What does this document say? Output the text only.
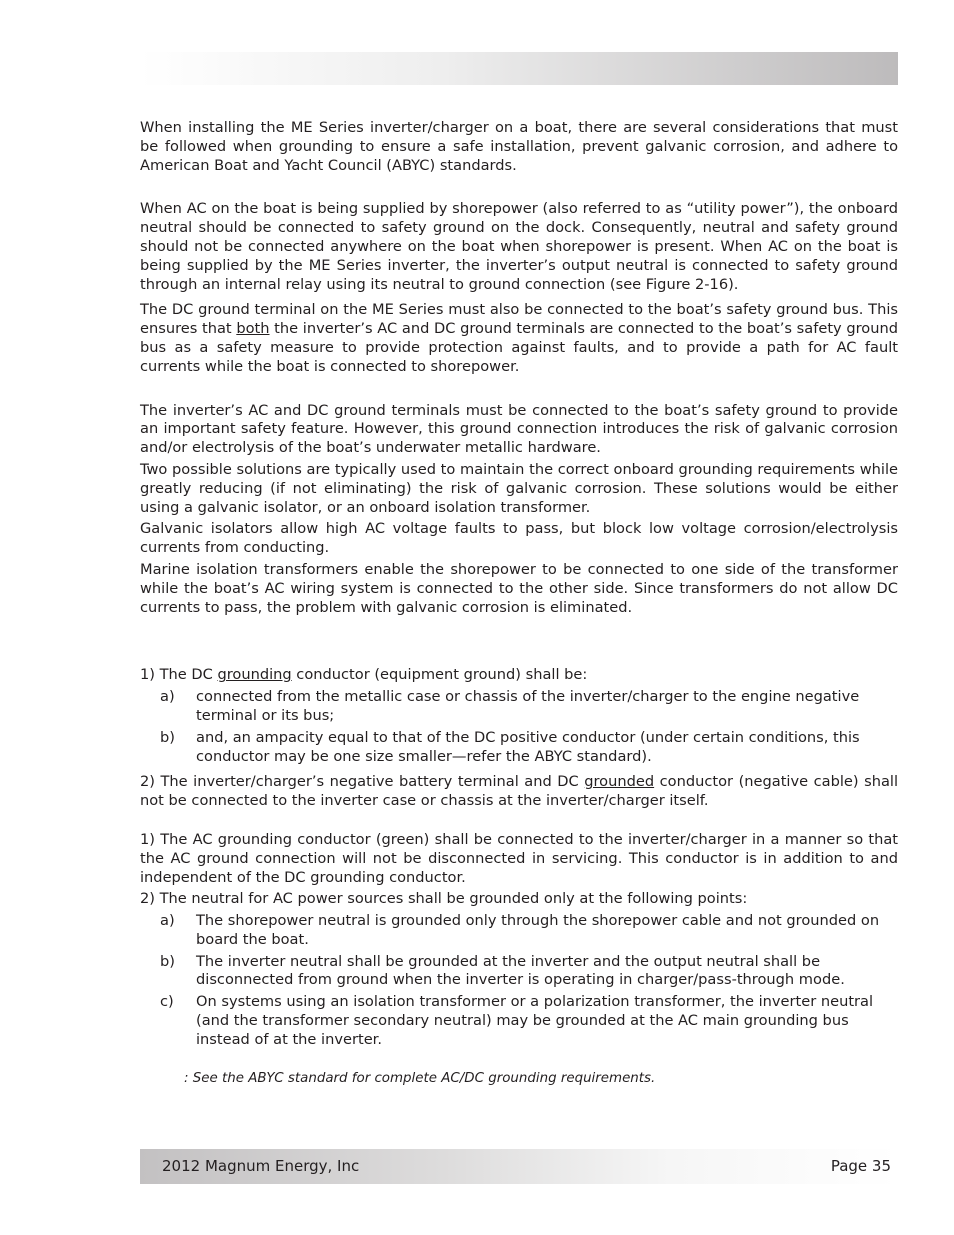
When installing the ME Series inverter/charger on a boat, there are several considerations that must be followed when grounding to ensure a safe installation, prevent galvanic corrosion, and adhere to American Boat and Yacht Council (ABYC) standards.

When AC on the boat is being supplied by shorepower (also referred to as “utility power”), the onboard neutral should be connected to safety ground on the dock. Consequently, neutral and safety ground should not be connected anywhere on the boat when shorepower is present. When AC on the boat is being supplied by the ME Series inverter, the inverter’s output neutral is connected to safety ground through an internal relay using its neutral to ground connection (see Figure 2-16).

The DC ground terminal on the ME Series must also be connected to the boat’s safety ground bus. This ensures that both the inverter’s AC and DC ground terminals are connected to the boat’s safety ground bus as a safety measure to provide protection against faults, and to provide a path for AC fault currents while the boat is connected to shorepower.

The inverter’s AC and DC ground terminals must be connected to the boat’s safety ground to provide an important safety feature. However, this ground connection introduces the risk of galvanic corrosion and/or electrolysis of the boat’s underwater metallic hardware.

Two possible solutions are typically used to maintain the correct onboard grounding requirements while greatly reducing (if not eliminating) the risk of galvanic corrosion. These solutions would be either using a galvanic isolator, or an onboard isolation transformer.

Galvanic isolators allow high AC voltage faults to pass, but block low voltage corrosion/electrolysis currents from conducting.

Marine isolation transformers enable the shorepower to be connected to one side of the transformer while the boat’s AC wiring system is connected to the other side. Since transformers do not allow DC currents to pass, the problem with galvanic corrosion is eliminated.

1) The DC grounding conductor (equipment ground) shall be:

a)	connected from the metallic case or chassis of the inverter/charger to the engine negative terminal or its bus;
b)	and, an ampacity equal to that of the DC positive conductor (under certain conditions, this conductor may be one size smaller—refer the ABYC standard).

2) The inverter/charger’s negative battery terminal and DC grounded conductor (negative cable) shall not be connected to the inverter case or chassis at the inverter/charger itself.

1) The AC grounding conductor (green) shall be connected to the inverter/charger in a manner so that the AC ground connection will not be disconnected in servicing. This conductor is in addition to and independent of the DC grounding conductor.

2) The neutral for AC power sources shall be grounded only at the following points:

a)	The shorepower neutral is grounded only through the shorepower cable and not grounded on board the boat.
b)	The inverter neutral shall be grounded at the inverter and the output neutral shall be disconnected from ground when the inverter is operating in charger/pass-through mode.
c)	On systems using an isolation transformer or a polarization transformer, the inverter neutral (and the transformer secondary neutral) may be grounded at the AC main grounding bus instead of at the inverter.

: See the ABYC standard for complete AC/DC grounding requirements.

2012 Magnum Energy, Inc	Page 35
